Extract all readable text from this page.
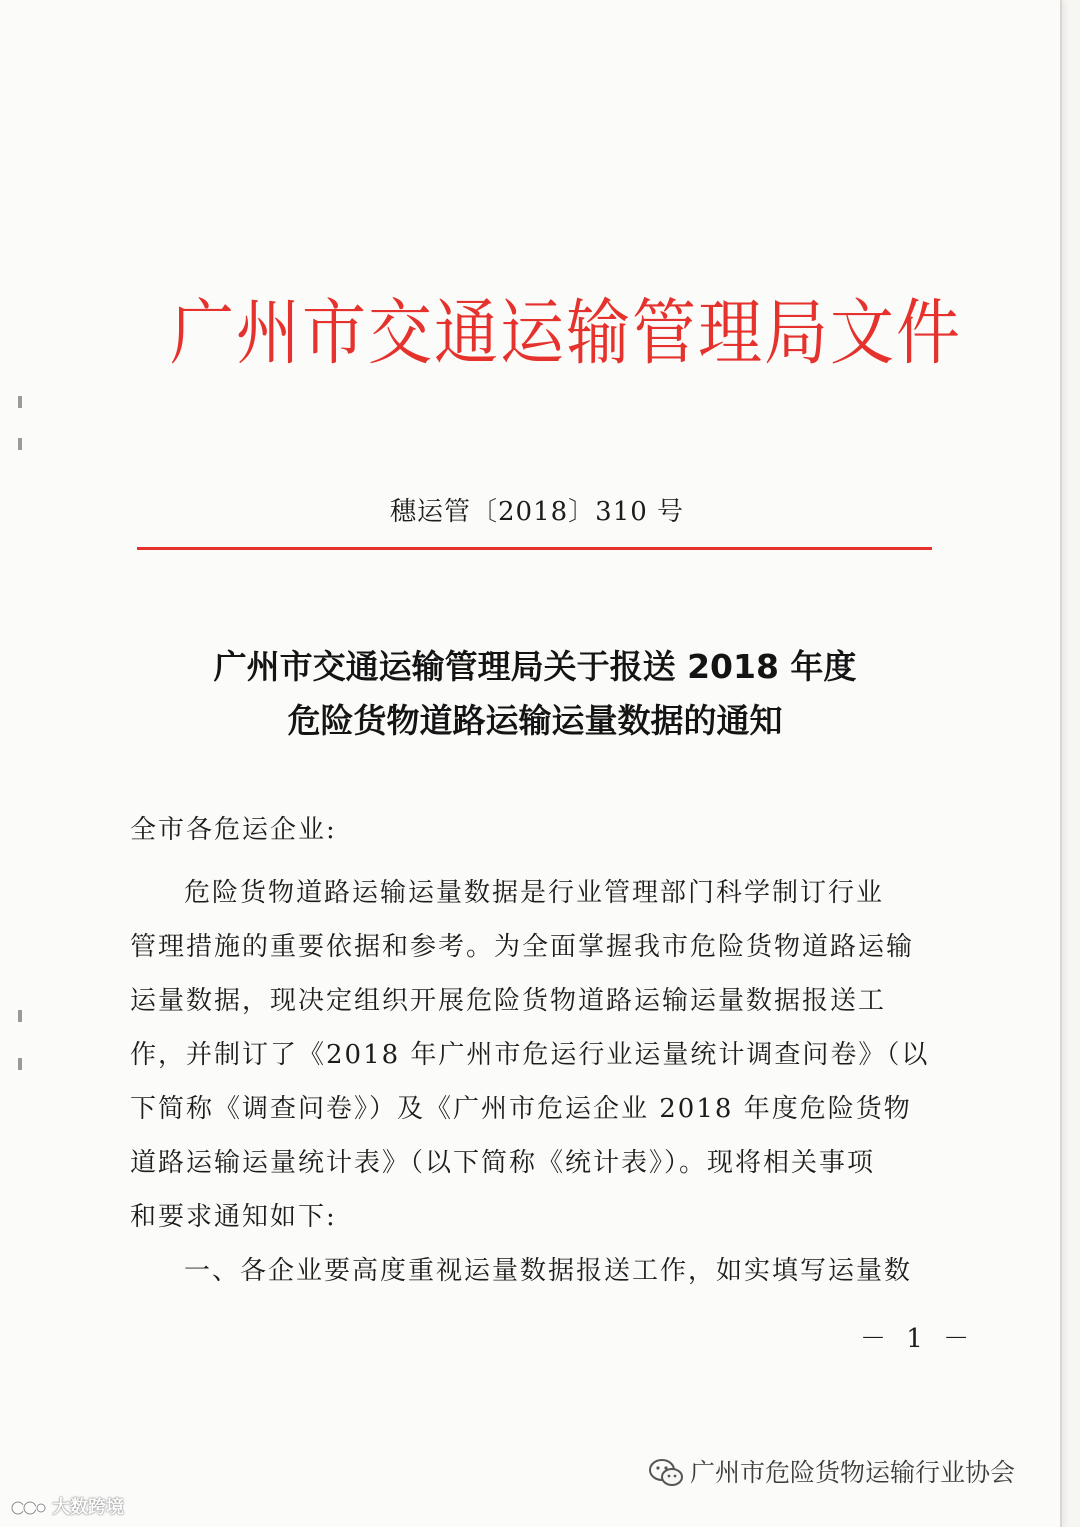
广州市交通运输管理局文件
穗运管〔2018〕310 号
广州市交通运输管理局关于报送 2018 年度
危险货物道路运输运量数据的通知
全市各危运企业:
危险货物道路运输运量数据是行业管理部门科学制订行业
管理措施的重要依据和参考。为全面掌握我市危险货物道路运输
运量数据，现决定组织开展危险货物道路运输运量数据报送工
作，并制订了《2018 年广州市危运行业运量统计调查问卷》（以
下简称《调查问卷》）及《广州市危运企业 2018 年度危险货物
道路运输运量统计表》（以下简称《统计表》）。现将相关事项
和要求通知如下:
一、各企业要高度重视运量数据报送工作，如实填写运量数
－ 1 －
广州市危险货物运输行业协会
大数跨境
